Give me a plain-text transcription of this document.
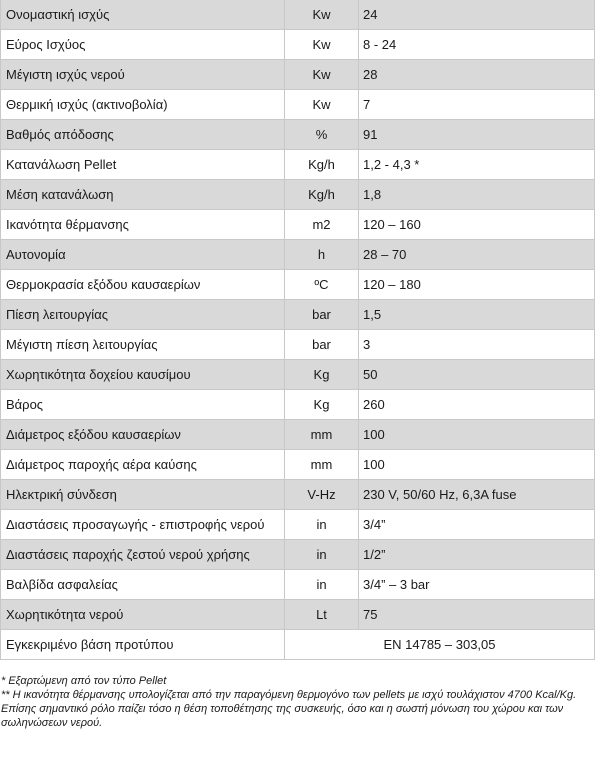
Ονομαστική ισχύς	Kw	24
Εύρος Ισχύος	Kw	8 - 24
Μέγιστη ισχύς νερού	Kw	28
Θερμική ισχύς (ακτινοβολία)	Kw	7
Βαθμός απόδοσης	%	91
Κατανάλωση Pellet	Kg/h	1,2 - 4,3 *
Μέση κατανάλωση	Kg/h	1,8
Ικανότητα θέρμανσης	m2	120 – 160
Αυτονομία	h	28 – 70
Θερμοκρασία εξόδου καυσαερίων	ºC	120 – 180
Πίεση λειτουργίας	bar	1,5
Μέγιστη πίεση λειτουργίας	bar	3
Χωρητικότητα δοχείου καυσίμου	Kg	50
Βάρος	Kg	260
Διάμετρος εξόδου καυσαερίων	mm	100
Διάμετρος παροχής αέρα καύσης	mm	100
Ηλεκτρική σύνδεση	V-Hz	230 V, 50/60 Hz, 6,3A fuse
Διαστάσεις προσαγωγής - επιστροφής νερού	in	3/4”
Διαστάσεις παροχής ζεστού νερού χρήσης	in	1/2”
Βαλβίδα ασφαλείας	in	3/4” – 3 bar
Χωρητικότητα νερού	Lt	75
Εγκεκριμένο βάση προτύπου	EN 14785 – 303,05	

* Εξαρτώμενη από τον τύπο Pellet

** Η ικανότητα θέρμανσης υπολογίζεται από την παραγόμενη θερμογόνο των pellets με ισχύ τουλάχιστον 4700 Kcal/Kg. Επίσης σημαντικό ρόλο παίζει τόσο η θέση τοποθέτησης της συσκευής, όσο και η σωστή μόνωση του χώρου και των σωληνώσεων νερού.
